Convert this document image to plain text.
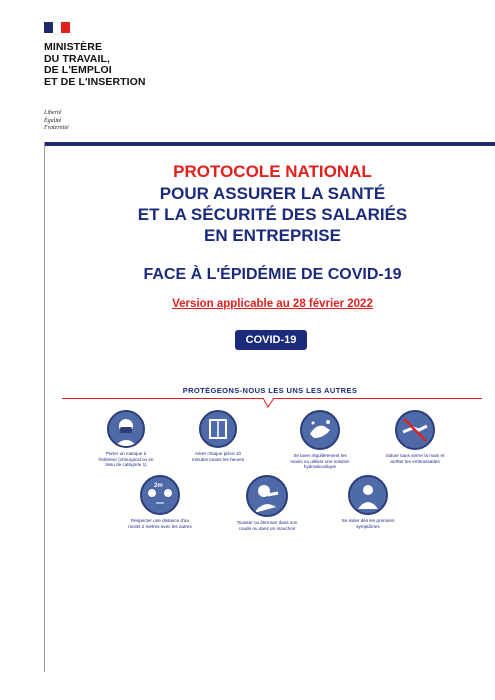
MINISTÈRE
DU TRAVAIL,
DE L'EMPLOI
ET DE L'INSERTION
Liberté
Égalité
Fraternité
PROTOCOLE NATIONAL
POUR ASSURER LA SANTÉ
ET LA SÉCURITÉ DES SALARIÉS
EN ENTREPRISE
FACE À L'ÉPIDÉMIE DE COVID-19
Version applicable au 28 février 2022
COVID-19
PROTÉGEONS-NOUS LES UNS LES AUTRES
Porter un masque à l'intérieur (chirurgical ou en tissu de catégorie 1)
Aérer chaque pièce 10 minutes toutes les heures
Se laver régulièrement les mains ou utiliser une solution hydroalcoolique
Saluer sans serrer la main et arrêter les embrassades
2m
Respecter une distance d'au moins 2 mètres avec les autres
Tousser ou éternuer dans son coude ou dans un mouchoir
Se isoler dès les premiers symptômes
